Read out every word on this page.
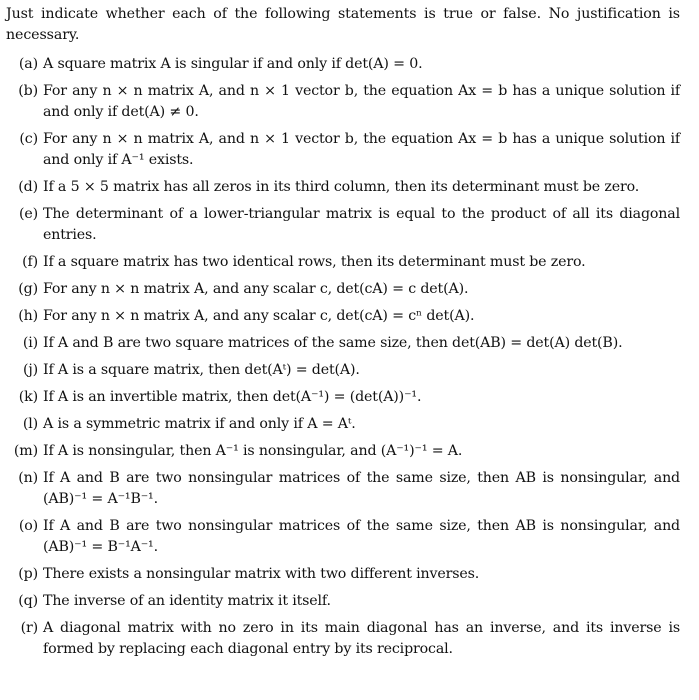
Just indicate whether each of the following statements is true or false. No justification is necessary.

(a) A square matrix A is singular if and only if det(A) = 0.
(b) For any n × n matrix A, and n × 1 vector b, the equation Ax = b has a unique solution if and only if det(A) ≠ 0.
(c) For any n × n matrix A, and n × 1 vector b, the equation Ax = b has a unique solution if and only if A⁻¹ exists.
(d) If a 5 × 5 matrix has all zeros in its third column, then its determinant must be zero.
(e) The determinant of a lower-triangular matrix is equal to the product of all its diagonal entries.
(f) If a square matrix has two identical rows, then its determinant must be zero.
(g) For any n × n matrix A, and any scalar c, det(cA) = c det(A).
(h) For any n × n matrix A, and any scalar c, det(cA) = cⁿ det(A).
(i) If A and B are two square matrices of the same size, then det(AB) = det(A) det(B).
(j) If A is a square matrix, then det(Aᵗ) = det(A).
(k) If A is an invertible matrix, then det(A⁻¹) = (det(A))⁻¹.
(l) A is a symmetric matrix if and only if A = Aᵗ.
(m) If A is nonsingular, then A⁻¹ is nonsingular, and (A⁻¹)⁻¹ = A.
(n) If A and B are two nonsingular matrices of the same size, then AB is nonsingular, and (AB)⁻¹ = A⁻¹B⁻¹.
(o) If A and B are two nonsingular matrices of the same size, then AB is nonsingular, and (AB)⁻¹ = B⁻¹A⁻¹.
(p) There exists a nonsingular matrix with two different inverses.
(q) The inverse of an identity matrix it itself.
(r) A diagonal matrix with no zero in its main diagonal has an inverse, and its inverse is formed by replacing each diagonal entry by its reciprocal.
